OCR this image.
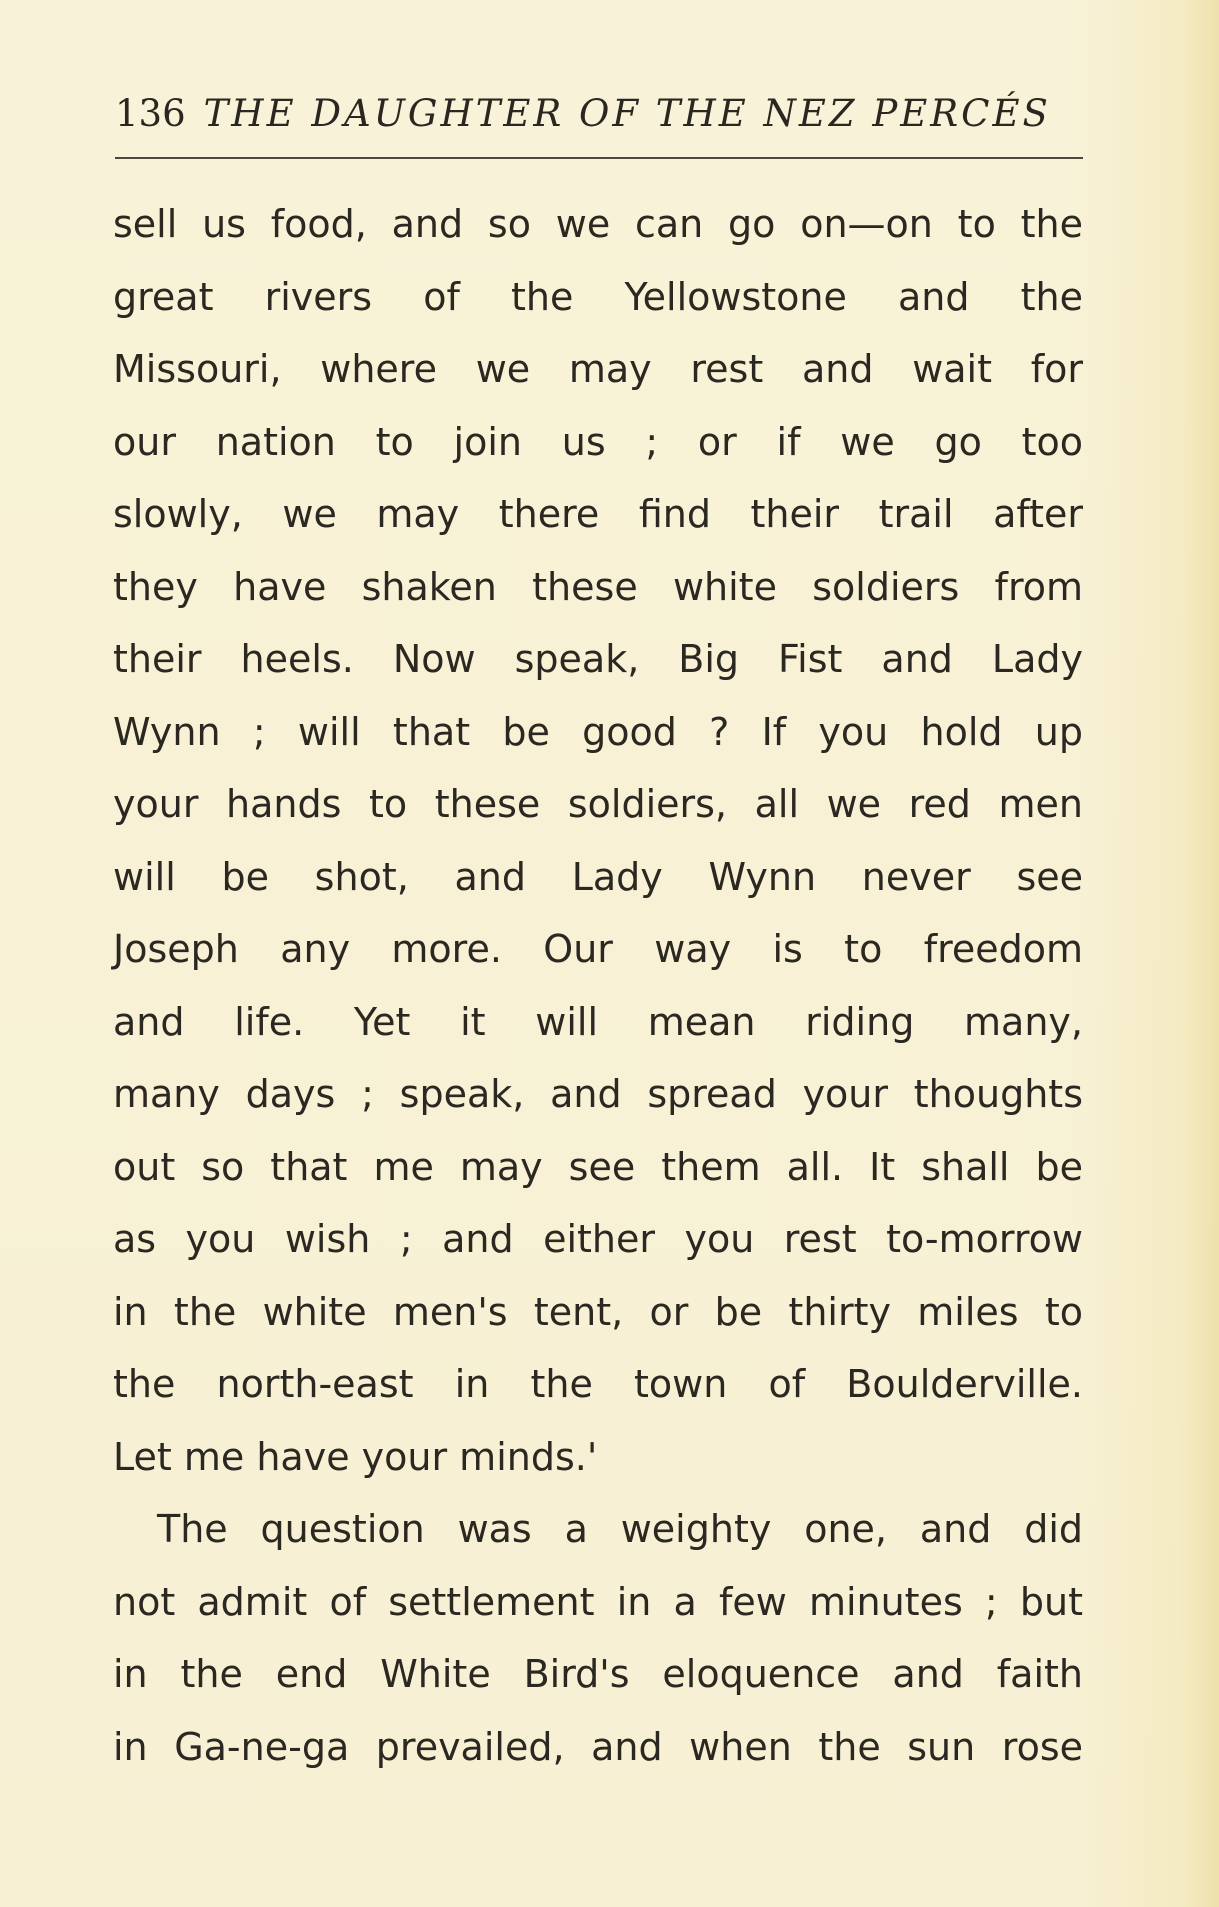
136 THE DAUGHTER OF THE NEZ PERCÉS
sell us food, and so we can go on—on to the
great rivers of the Yellowstone and the
Missouri, where we may rest and wait for
our nation to join us ; or if we go too
slowly, we may there find their trail after
they have shaken these white soldiers from
their heels. Now speak, Big Fist and Lady
Wynn ; will that be good ? If you hold up
your hands to these soldiers, all we red men
will be shot, and Lady Wynn never see
Joseph any more. Our way is to freedom
and life. Yet it will mean riding many,
many days ; speak, and spread your thoughts
out so that me may see them all. It shall be
as you wish ; and either you rest to-morrow
in the white men's tent, or be thirty miles to
the north-east in the town of Boulderville.
Let me have your minds.'
The question was a weighty one, and did
not admit of settlement in a few minutes ; but
in the end White Bird's eloquence and faith
in Ga-ne-ga prevailed, and when the sun rose
